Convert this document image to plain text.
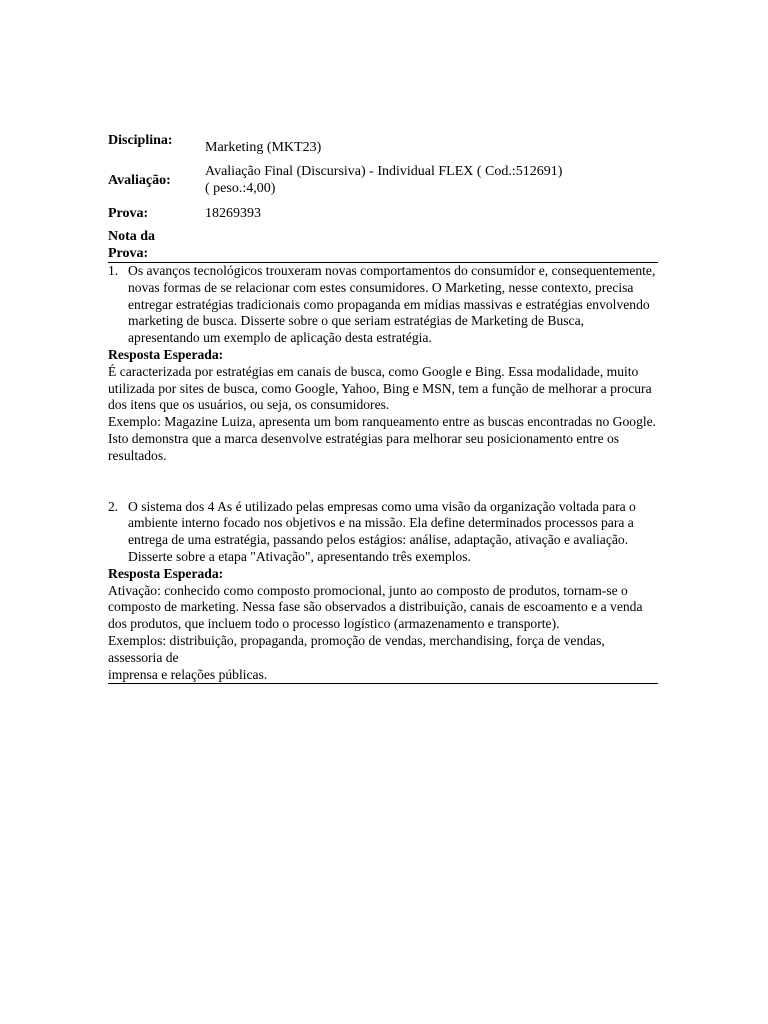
Disciplina:	Marketing (MKT23)
Avaliação:
Avaliação Final (Discursiva) - Individual FLEX ( Cod.:512691)
( peso.:4,00)
Prova:	18269393
Nota da
Prova:
1. Os avanços tecnológicos trouxeram novas comportamentos do consumidor e, consequentemente, novas formas de se relacionar com estes consumidores. O Marketing, nesse contexto, precisa entregar estratégias tradicionais como propaganda em mídias massivas e estratégias envolvendo marketing de busca. Disserte sobre o que seriam estratégias de Marketing de Busca, apresentando um exemplo de aplicação desta estratégia.
Resposta Esperada:

É caracterizada por estratégias em canais de busca, como Google e Bing. Essa modalidade, muito utilizada por sites de busca, como Google, Yahoo, Bing e MSN, tem a função de melhorar a procura dos itens que os usuários, ou seja, os consumidores.

Exemplo: Magazine Luiza, apresenta um bom ranqueamento entre as buscas encontradas no Google. Isto demonstra que a marca desenvolve estratégias para melhorar seu posicionamento entre os resultados.

2. O sistema dos 4 As é utilizado pelas empresas como uma visão da organização voltada para o ambiente interno focado nos objetivos e na missão. Ela define determinados processos para a entrega de uma estratégia, passando pelos estágios: análise, adaptação, ativação e avaliação. Disserte sobre a etapa "Ativação", apresentando três exemplos.
Resposta Esperada:

Ativação: conhecido como composto promocional, junto ao composto de produtos, tornam-se o composto de marketing. Nessa fase são observados a distribuição, canais de escoamento e a venda dos produtos, que incluem todo o processo logístico (armazenamento e transporte).

Exemplos: distribuição, propaganda, promoção de vendas, merchandising, força de vendas, assessoria de

imprensa e relações públicas.
